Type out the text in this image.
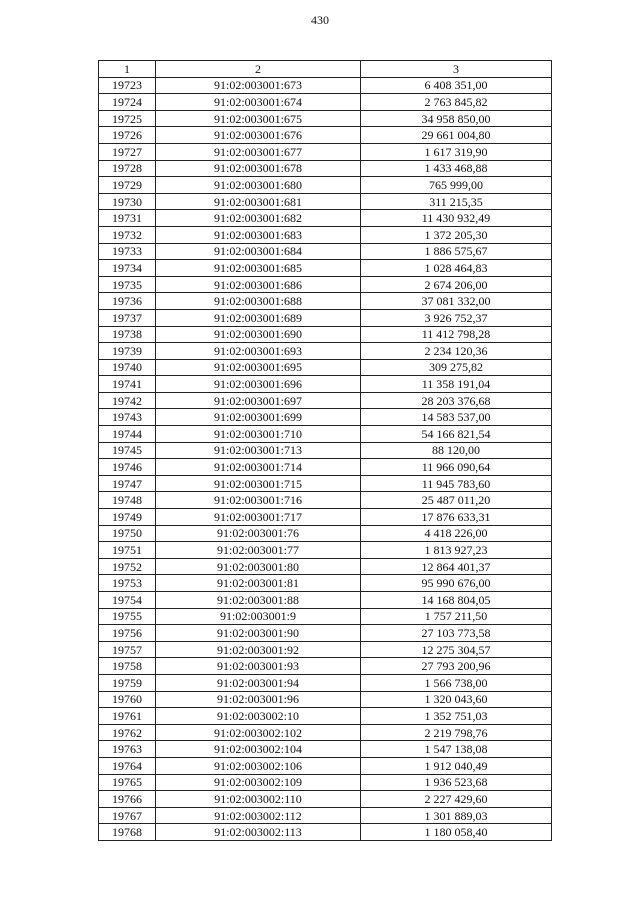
430
1	2	3
19723	91:02:003001:673	6 408 351,00
19724	91:02:003001:674	2 763 845,82
19725	91:02:003001:675	34 958 850,00
19726	91:02:003001:676	29 661 004,80
19727	91:02:003001:677	1 617 319,90
19728	91:02:003001:678	1 433 468,88
19729	91:02:003001:680	765 999,00
19730	91:02:003001:681	311 215,35
19731	91:02:003001:682	11 430 932,49
19732	91:02:003001:683	1 372 205,30
19733	91:02:003001:684	1 886 575,67
19734	91:02:003001:685	1 028 464,83
19735	91:02:003001:686	2 674 206,00
19736	91:02:003001:688	37 081 332,00
19737	91:02:003001:689	3 926 752,37
19738	91:02:003001:690	11 412 798,28
19739	91:02:003001:693	2 234 120,36
19740	91:02:003001:695	309 275,82
19741	91:02:003001:696	11 358 191,04
19742	91:02:003001:697	28 203 376,68
19743	91:02:003001:699	14 583 537,00
19744	91:02:003001:710	54 166 821,54
19745	91:02:003001:713	88 120,00
19746	91:02:003001:714	11 966 090,64
19747	91:02:003001:715	11 945 783,60
19748	91:02:003001:716	25 487 011,20
19749	91:02:003001:717	17 876 633,31
19750	91:02:003001:76	4 418 226,00
19751	91:02:003001:77	1 813 927,23
19752	91:02:003001:80	12 864 401,37
19753	91:02:003001:81	95 990 676,00
19754	91:02:003001:88	14 168 804,05
19755	91:02:003001:9	1 757 211,50
19756	91:02:003001:90	27 103 773,58
19757	91:02:003001:92	12 275 304,57
19758	91:02:003001:93	27 793 200,96
19759	91:02:003001:94	1 566 738,00
19760	91:02:003001:96	1 320 043,60
19761	91:02:003002:10	1 352 751,03
19762	91:02:003002:102	2 219 798,76
19763	91:02:003002:104	1 547 138,08
19764	91:02:003002:106	1 912 040,49
19765	91:02:003002:109	1 936 523,68
19766	91:02:003002:110	2 227 429,60
19767	91:02:003002:112	1 301 889,03
19768	91:02:003002:113	1 180 058,40
